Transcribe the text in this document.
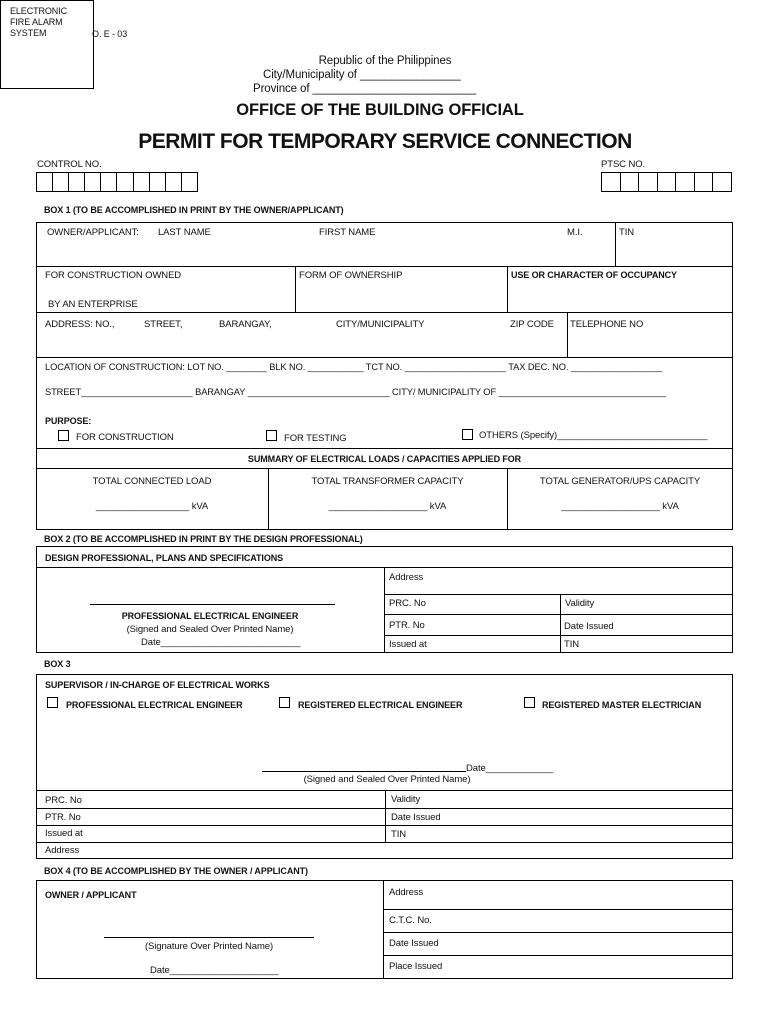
ELECTRONIC
FIRE ALARM
SYSTEM	O. E - 03
Republic of the Philippines
City/Municipality of ________________
Province of __________________________
OFFICE OF THE BUILDING OFFICIAL
PERMIT FOR TEMPORARY SERVICE CONNECTION
CONTROL NO.	PTSC NO.
BOX 1 (TO BE ACCOMPLISHED IN PRINT BY THE OWNER/APPLICANT)
OWNER/APPLICANT: LAST NAME	FIRST NAME	M.I.	TIN
FOR CONSTRUCTION OWNED
BY AN ENTERPRISE
FORM OF OWNERSHIP	USE OR CHARACTER OF OCCUPANCY
ADDRESS: NO.,	STREET,	BARANGAY,	CITY/MUNICIPALITY	ZIP CODE TELEPHONE NO
LOCATION OF CONSTRUCTION: LOT NO. ________ BLK NO. ___________ TCT NO. ____________________ TAX DEC. NO. __________________
STREET______________________ BARANGAY ____________________________ CITY/ MUNICIPALITY OF _________________________________
PURPOSE:
FOR CONSTRUCTION	FOR TESTING	OTHERS (Specify)_____________________________
SUMMARY OF ELECTRICAL LOADS / CAPACITIES APPLIED FOR
TOTAL CONNECTED LOAD	TOTAL TRANSFORMER CAPACITY	TOTAL GENERATOR/UPS CAPACITY
__________________ kVA	___________________ kVA	___________________ kVA
BOX 2 (TO BE ACCOMPLISHED IN PRINT BY THE DESIGN PROFESSIONAL)
DESIGN PROFESSIONAL, PLANS AND SPECIFICATIONS
PROFESSIONAL ELECTRICAL ENGINEER
(Signed and Sealed Over Printed Name)
Date___________________________
Address
PRC. No	Validity
PTR. No	Date Issued
Issued at	TIN
BOX 3
SUPERVISOR / IN-CHARGE OF ELECTRICAL WORKS
PROFESSIONAL ELECTRICAL ENGINEER	REGISTERED ELECTRICAL ENGINEER	REGISTERED MASTER ELECTRICIAN
Date_____________
(Signed and Sealed Over Printed Name)
PRC. No	Validity
PTR. No	Date Issued
Issued at	TIN
Address
BOX 4 (TO BE ACCOMPLISHED BY THE OWNER / APPLICANT)
OWNER / APPLICANT
(Signature Over Printed Name)
Date_____________________
Address
C.T.C. No.
Date Issued
Place Issued
